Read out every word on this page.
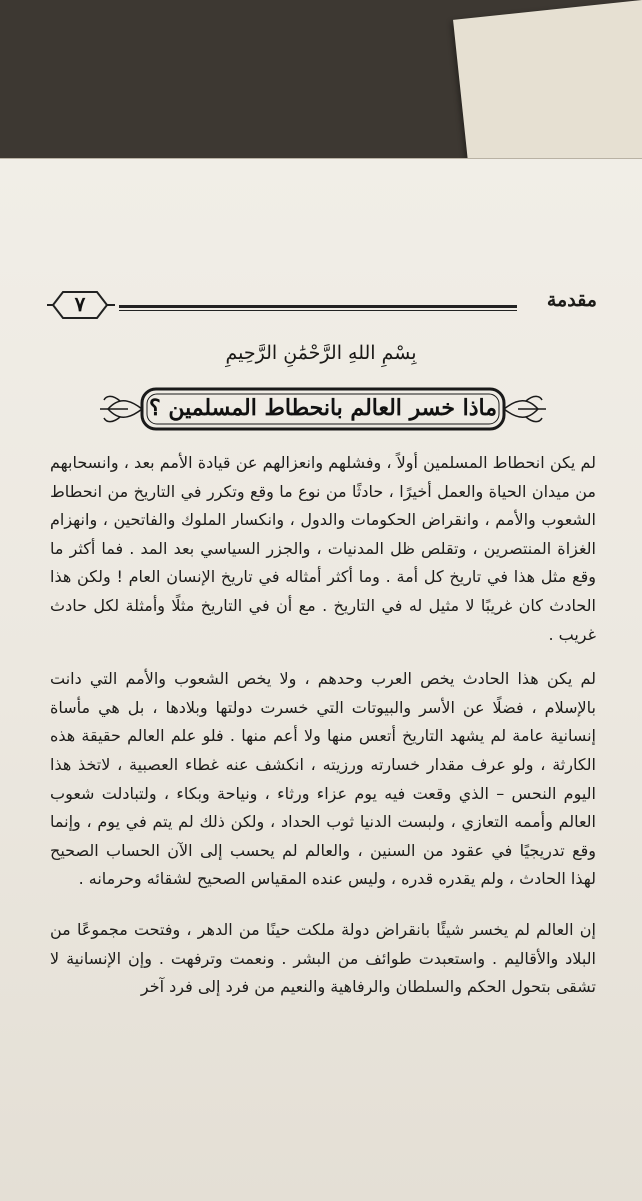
٧	مقدمة
بِسْمِ اللهِ الرَّحْمَٰنِ الرَّحِيمِ
ماذا خسر العالم بانحطاط المسلمين ؟

لم يكن انحطاط المسلمين أولاً ، وفشلهم وانعزالهم عن قيادة الأمم بعد ، وانسحابهم من ميدان الحياة والعمل أخيرًا ، حادثًا من نوع ما وقع وتكرر في التاريخ من انحطاط الشعوب والأمم ، وانقراض الحكومات والدول ، وانكسار الملوك والفاتحين ، وانهزام الغزاة المنتصرين ، وتقلص ظل المدنيات ، والجزر السياسي بعد المد . فما أكثر ما وقع مثل هذا في تاريخ كل أمة . وما أكثر أمثاله في تاريخ الإنسان العام ! ولكن هذا الحادث كان غريبًا لا مثيل له في التاريخ . مع أن في التاريخ مثلًا وأمثلة لكل حادث غريب .

لم يكن هذا الحادث يخص العرب وحدهم ، ولا يخص الشعوب والأمم التي دانت بالإسلام ، فضلًا عن الأسر والبيوتات التي خسرت دولتها وبلادها ، بل هي مأساة إنسانية عامة لم يشهد التاريخ أتعس منها ولا أعم منها . فلو علم العالم حقيقة هذه الكارثة ، ولو عرف مقدار خسارته ورزيته ، انكشف عنه غطاء العصبية ، لاتخذ هذا اليوم النحس – الذي وقعت فيه يوم عزاء ورثاء ، ونياحة وبكاء ، ولتبادلت شعوب العالم وأممه التعازي ، ولبست الدنيا ثوب الحداد ، ولكن ذلك لم يتم في يوم ، وإنما وقع تدريجيًا في عقود من السنين ، والعالم لم يحسب إلى الآن الحساب الصحيح لهذا الحادث ، ولم يقدره قدره ، وليس عنده المقياس الصحيح لشقائه وحرمانه .

إن العالم لم يخسر شيئًا بانقراض دولة ملكت حينًا من الدهر ، وفتحت مجموعًا من البلاد والأقاليم . واستعبدت طوائف من البشر . ونعمت وترفهت . وإن الإنسانية لا تشقى بتحول الحكم والسلطان والرفاهية والنعيم من فرد إلى فرد آخر
